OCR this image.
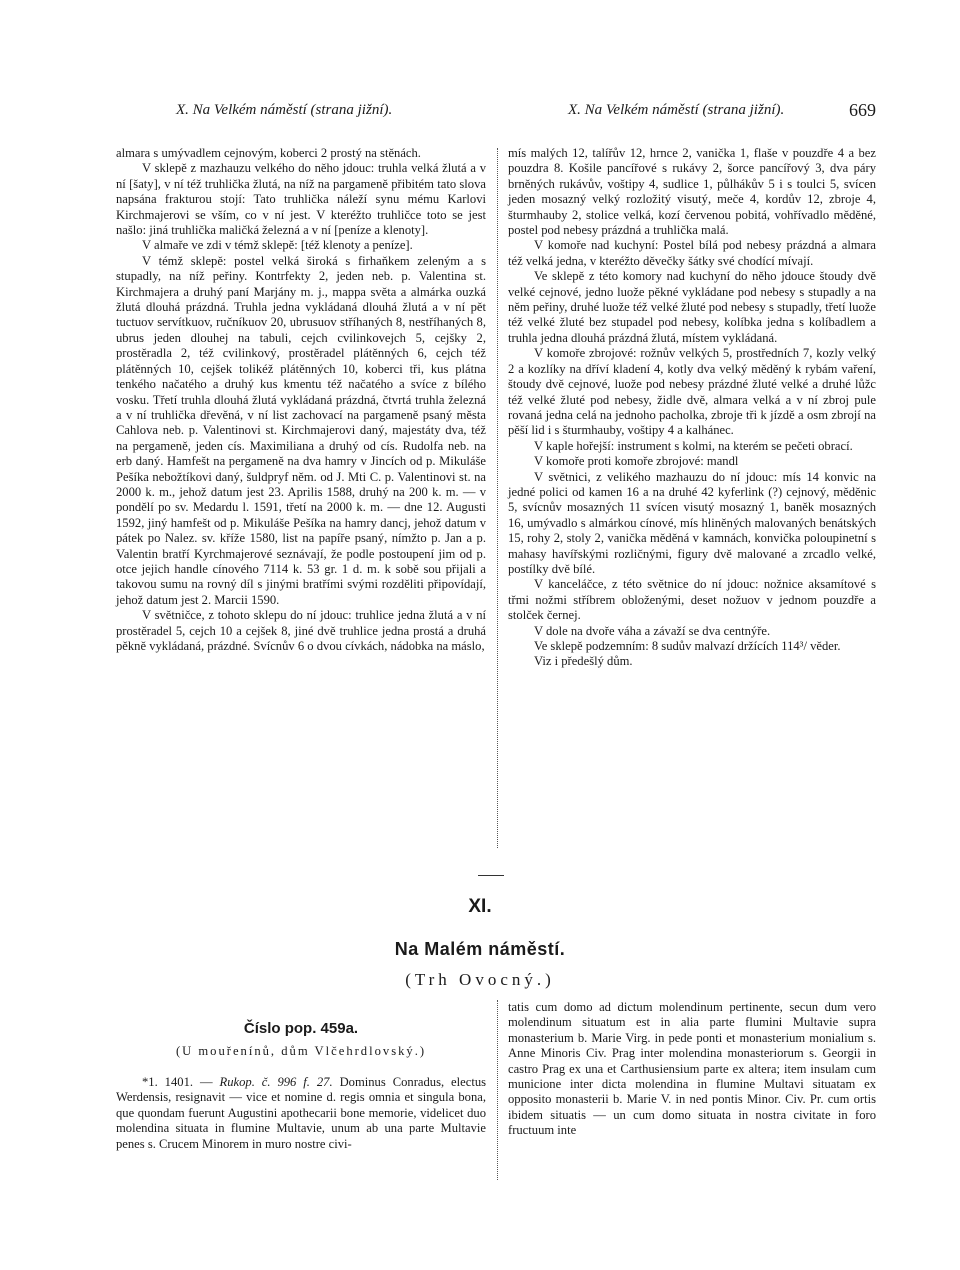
X. Na Velkém náměstí (strana jižní).	X. Na Velkém náměstí (strana jižní).	669

almara s umývadlem cejnovým, koberci 2 prostý na stěnách.

V sklepě z mazhauzu velkého do něho jdouc: truhla velká žlutá a v ní [šaty], v ní též truhlička žlutá, na níž na pargameně přibitém tato slova napsána frakturou stojí: Tato truhlička náleží synu mému Karlovi Kirchmajerovi se vším, co v ní jest. V kteréžto truhličce toto se jest našlo: jiná truhlička maličká železná a v ní [peníze a klenoty].

V almaře ve zdi v témž sklepě: [též klenoty a peníze].

V témž sklepě: postel velká široká s firhaňkem zeleným a s stupadly, na níž peřiny. Kontrfekty 2, jeden neb. p. Valentina st. Kirchmajera a druhý paní Marjány m. j., mappa světa a almárka ouzká žlutá dlouhá prázdná. Truhla jedna vykládaná dlouhá žlutá a v ní pět tuctuov servítkuov, ručníkuov 20, ubrusuov stříhaných 8, nestříhaných 8, ubrus jeden dlouhej na tabuli, cejch cvilinkovejch 5, cejšky 2, prostěradla 2, též cvilinkový, prostěradel plátěnných 6, cejch též plátěnných 10, cejšek tolikéž plátěnných 10, koberci tři, kus plátna tenkého načatého a druhý kus kmentu též načatého a svíce z bílého vosku. Třetí truhla dlouhá žlutá vykládaná prázdná, čtvrtá truhla železná a v ní truhlička dřevěná, v ní list zachovací na pargameně psaný města Cahlova neb. p. Valentinovi st. Kirchmajerovi daný, majestáty dva, též na pergameně, jeden cís. Maximiliana a druhý od cís. Rudolfa neb. na erb daný. Hamfešt na pergameně na dva hamry v Jincích od p. Mikuláše Pešíka nebožtíkovi daný, šuldpryf něm. od J. Mti C. p. Valentinovi st. na 2000 k. m., jehož datum jest 23. Aprilis 1588, druhý na 200 k. m. — v pondělí po sv. Medardu l. 1591, třetí na 2000 k. m. — dne 12. Augusti 1592, jiný hamfešt od p. Mikuláše Pešíka na hamry dancj, jehož datum v pátek po Nalez. sv. kříže 1580, list na papíře psaný, nímžto p. Jan a p. Valentin bratří Kyrchmajerové seznávají, že podle postoupení jim od p. otce jejich handle cínového 7114 k. 53 gr. 1 d. m. k sobě sou přijali a takovou sumu na rovný díl s jinými bratřími svými rozděliti připovídají, jehož datum jest 2. Marcii 1590.

V světničce, z tohoto sklepu do ní jdouc: truhlice jedna žlutá a v ní prostěradel 5, cejch 10 a cejšek 8, jiné dvě truhlice jedna prostá a druhá pěkně vykládaná, prázdné. Svícnův 6 o dvou cívkách, nádobka na máslo,

mís malých 12, talířův 12, hrnce 2, vanička 1, flaše v pouzdře 4 a bez pouzdra 8. Košile pancířové s rukávy 2, šorce pancířový 3, dva páry brněných rukávův, voštipy 4, sudlice 1, půlhákův 5 i s toulci 5, svícen jeden mosazný velký rozložitý visutý, meče 4, kordův 12, zbroje 4, šturmhauby 2, stolice velká, kozí červenou pobitá, vohřívadlo měděné, postel pod nebesy prázdná a truhlička malá.

V komoře nad kuchyní: Postel bílá pod nebesy prázdná a almara též velká jedna, v kteréžto děvečky šátky své chodící mívají.

Ve sklepě z této komory nad kuchyní do něho jdouce štoudy dvě velké cejnové, jedno luože pěkné vykládane pod nebesy s stupadly a na něm peřiny, druhé luože též velké žluté pod nebesy s stupadly, třetí luože též velké žluté bez stupadel pod nebesy, kolíbka jedna s kolíbadlem a truhla jedna dlouhá prázdná žlutá, místem vykládaná.

V komoře zbrojové: rožnův velkých 5, prostředních 7, kozly velký 2 a kozlíky na dříví kladení 4, kotly dva velký měděný k rybám vaření, štoudy dvě cejnové, luože pod nebesy prázdné žluté velké a druhé lůžc též velké žluté pod nebesy, židle dvě, almara velká a v ní zbroj pule rovaná jedna celá na jednoho pacholka, zbroje tři k jízdě a osm zbrojí na pěší lid i s šturmhauby, voštipy 4 a kalhánec.

V kaple hořejší: instrument s kolmi, na kterém se pečeti obrací.

V komoře proti komoře zbrojové: mandl

V světnici, z velikého mazhauzu do ní jdouc: mís 14 konvic na jedné polici od kamen 16 a na druhé 42 kyferlink (?) cejnový, měděnic 5, svícnův mosazných 11 svícen visutý mosazný 1, baněk mosazných 16, umývadlo s almárkou cínové, mís hliněných malovaných benátských 15, rohy 2, stoly 2, vanička měděná v kamnách, konvička poloupinetní s mahasy havířskými rozličnými, figury dvě malované a zrcadlo velké, postílky dvě bílé.

V kanceláčce, z této světnice do ní jdouc: nožnice aksamítové s třmi nožmi stříbrem obloženými, deset nožuov v jednom pouzdře a stolček černej.

V dole na dvoře váha a závaží se dva centnýře.

Ve sklepě podzemním: 8 sudův malvazí držících 114³/ věder.

Viz i předešlý dům.

XI.
Na Malém náměstí.
(Trh Ovocný.)
Číslo pop. 459a.
(U mouřenínů, dům Vlčehrdlovský.)

*1. 1401. — Rukop. č. 996 f. 27. Dominus Conradus, electus Werdensis, resignavit — vice et nomine d. regis omnia et singula bona, que quondam fuerunt Augustini apothecarii bone memorie, videlicet duo molendina situata in flumine Multavie, unum ab una parte Multavie penes s. Crucem Minorem in muro nostre civi-

tatis cum domo ad dictum molendinum pertinente, secun dum vero molendinum situatum est in alia parte flumini Multavie supra monasterium b. Marie Virg. in pede ponti et monasterium monialium s. Anne Minoris Civ. Prag inter molendina monasteriorum s. Georgii in castro Prag ex una et Carthusiensium parte ex altera; item insulam cum municione inter dicta molendina in flumine Multavi situatam ex opposito monasterii b. Marie V. in ned pontis Minor. Civ. Pr. cum ortis ibidem situatis — un cum domo situata in nostra civitate in foro fructuum inte
